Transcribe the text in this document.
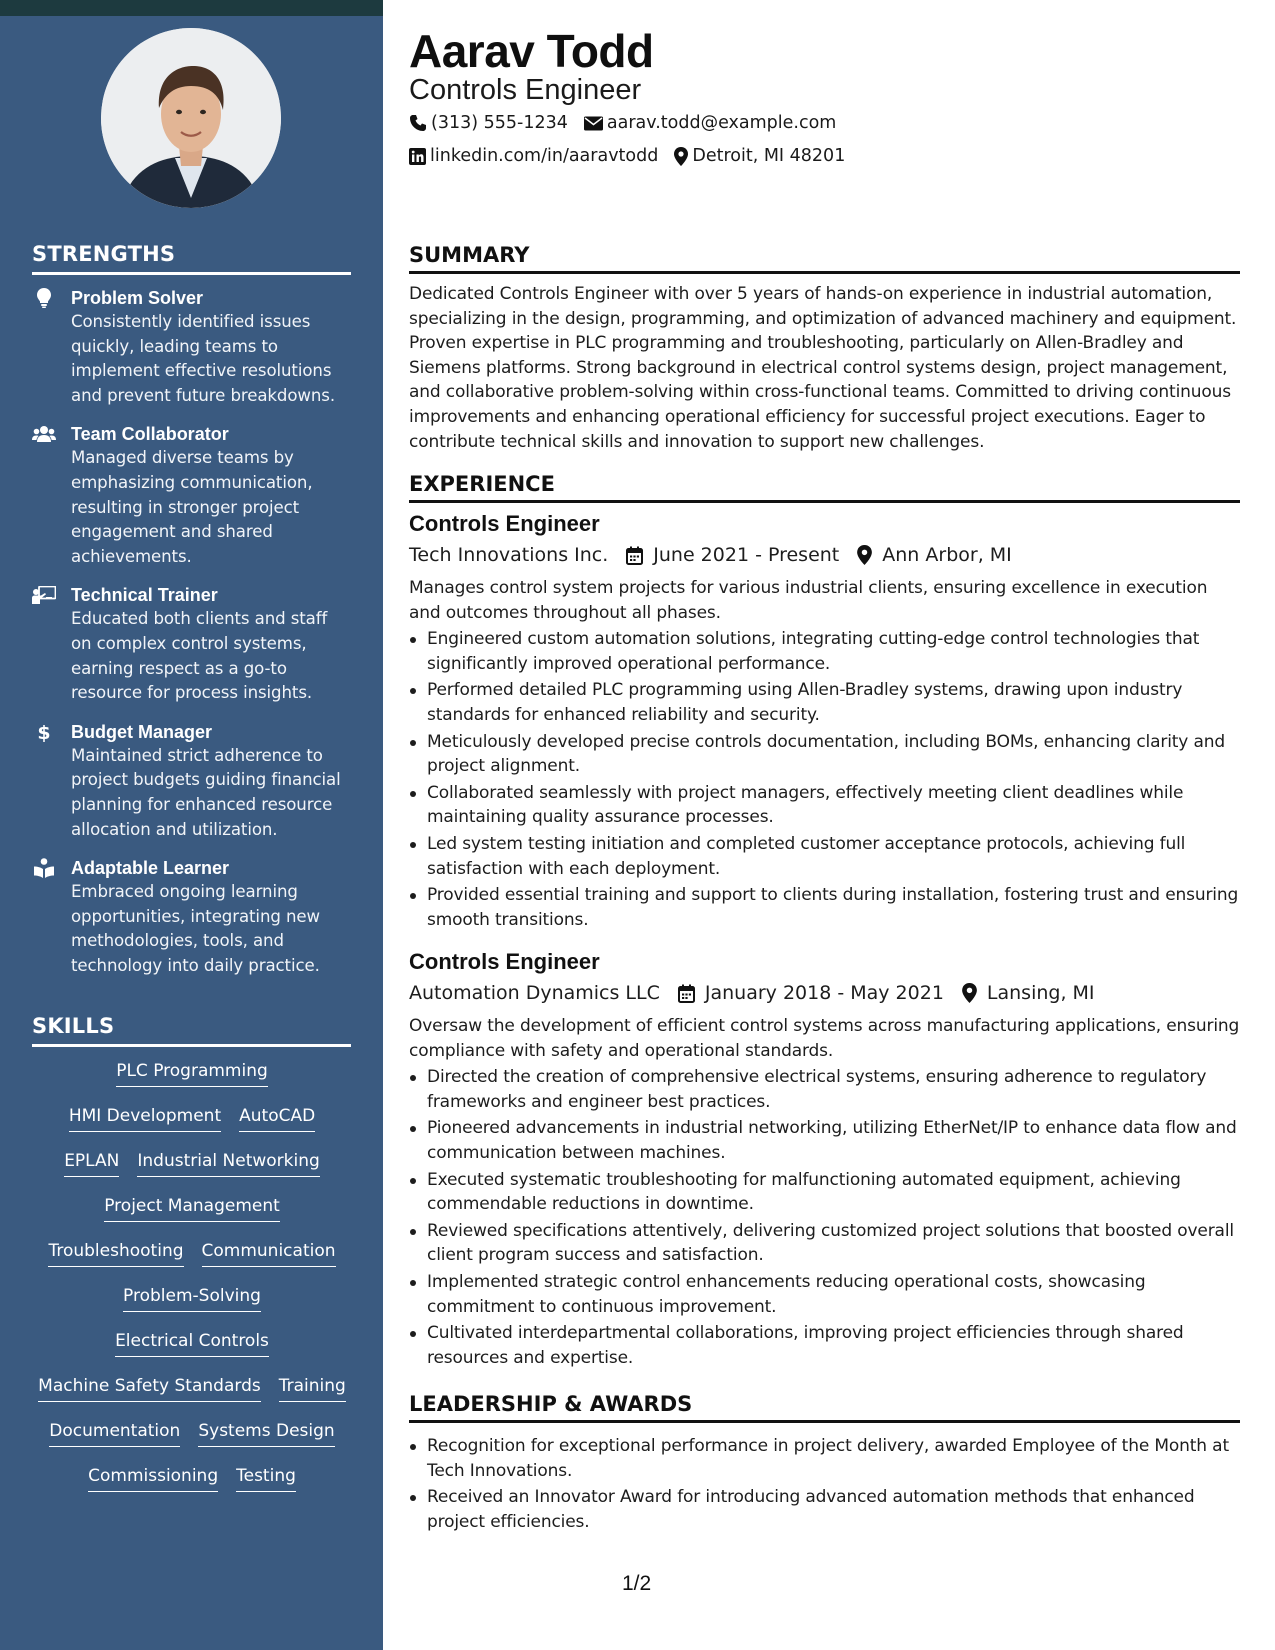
STRENGTHS
Problem Solver
Consistently identified issues quickly, leading teams to implement effective resolutions and prevent future breakdowns.
Team Collaborator
Managed diverse teams by emphasizing communication, resulting in stronger project engagement and shared achievements.
Technical Trainer
Educated both clients and staff on complex control systems, earning respect as a go-to resource for process insights.
$ Budget Manager
Maintained strict adherence to project budgets guiding financial planning for enhanced resource allocation and utilization.
Adaptable Learner
Embraced ongoing learning opportunities, integrating new methodologies, tools, and technology into daily practice.
SKILLS
PLC Programming
HMI Development AutoCAD
EPLAN Industrial Networking
Project Management
Troubleshooting Communication
Problem-Solving
Electrical Controls
Machine Safety Standards Training
Documentation Systems Design
Commissioning Testing
Aarav Todd
Controls Engineer
(313) 555-1234 aarav.todd@example.com
linkedin.com/in/aaravtodd Detroit, MI 48201
SUMMARY

Dedicated Controls Engineer with over 5 years of hands-on experience in industrial automation, specializing in the design, programming, and optimization of advanced machinery and equipment. Proven expertise in PLC programming and troubleshooting, particularly on Allen-Bradley and Siemens platforms. Strong background in electrical control systems design, project management, and collaborative problem-solving within cross-functional teams. Committed to driving continuous improvements and enhancing operational efficiency for successful project executions. Eager to contribute technical skills and innovation to support new challenges.

EXPERIENCE
Controls Engineer
Tech Innovations Inc. June 2021 - Present Ann Arbor, MI

Manages control system projects for various industrial clients, ensuring excellence in execution and outcomes throughout all phases.

Engineered custom automation solutions, integrating cutting-edge control technologies that significantly improved operational performance.
Performed detailed PLC programming using Allen-Bradley systems, drawing upon industry standards for enhanced reliability and security.
Meticulously developed precise controls documentation, including BOMs, enhancing clarity and project alignment.
Collaborated seamlessly with project managers, effectively meeting client deadlines while maintaining quality assurance processes.
Led system testing initiation and completed customer acceptance protocols, achieving full satisfaction with each deployment.
Provided essential training and support to clients during installation, fostering trust and ensuring smooth transitions.
Controls Engineer
Automation Dynamics LLC January 2018 - May 2021 Lansing, MI

Oversaw the development of efficient control systems across manufacturing applications, ensuring compliance with safety and operational standards.

Directed the creation of comprehensive electrical systems, ensuring adherence to regulatory frameworks and engineer best practices.
Pioneered advancements in industrial networking, utilizing EtherNet/IP to enhance data flow and communication between machines.
Executed systematic troubleshooting for malfunctioning automated equipment, achieving commendable reductions in downtime.
Reviewed specifications attentively, delivering customized project solutions that boosted overall client program success and satisfaction.
Implemented strategic control enhancements reducing operational costs, showcasing commitment to continuous improvement.
Cultivated interdepartmental collaborations, improving project efficiencies through shared resources and expertise.
LEADERSHIP & AWARDS
Recognition for exceptional performance in project delivery, awarded Employee of the Month at Tech Innovations.
Received an Innovator Award for introducing advanced automation methods that enhanced project efficiencies.
1/2
